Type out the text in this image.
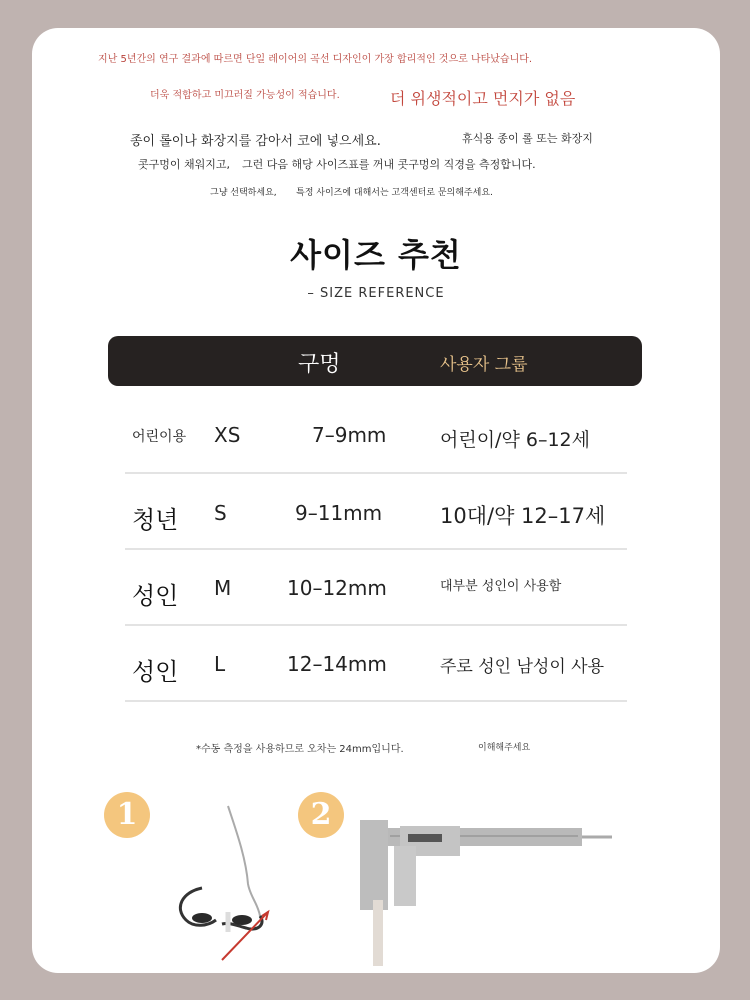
지난 5년간의 연구 결과에 따르면 단일 레이어의 곡선 디자인이 가장 합리적인 것으로 나타났습니다.
더욱 적합하고 미끄러질 가능성이 적습니다.	더 위생적이고 먼지가 없음
종이 롤이나 화장지를 감아서 코에 넣으세요.	휴식용 종이 롤 또는 화장지
콧구멍이 채워지고, 그런 다음 해당 사이즈표를 꺼내 콧구멍의 직경을 측정합니다.
그냥 선택하세요, 특정 사이즈에 대해서는 고객센터로 문의해주세요.
사이즈 추천
– SIZE REFERENCE
구멍	사용자 그룹
어린이용 XS	7–9mm	어린이/약 6–12세
청년 S	9–11mm	10대/약 12–17세
성인 M	10–12mm	대부분 성인이 사용함
성인 L	12–14mm	주로 성인 남성이 사용
*수동 측정을 사용하므로 오차는 24mm입니다.	이해해주세요
1	2
